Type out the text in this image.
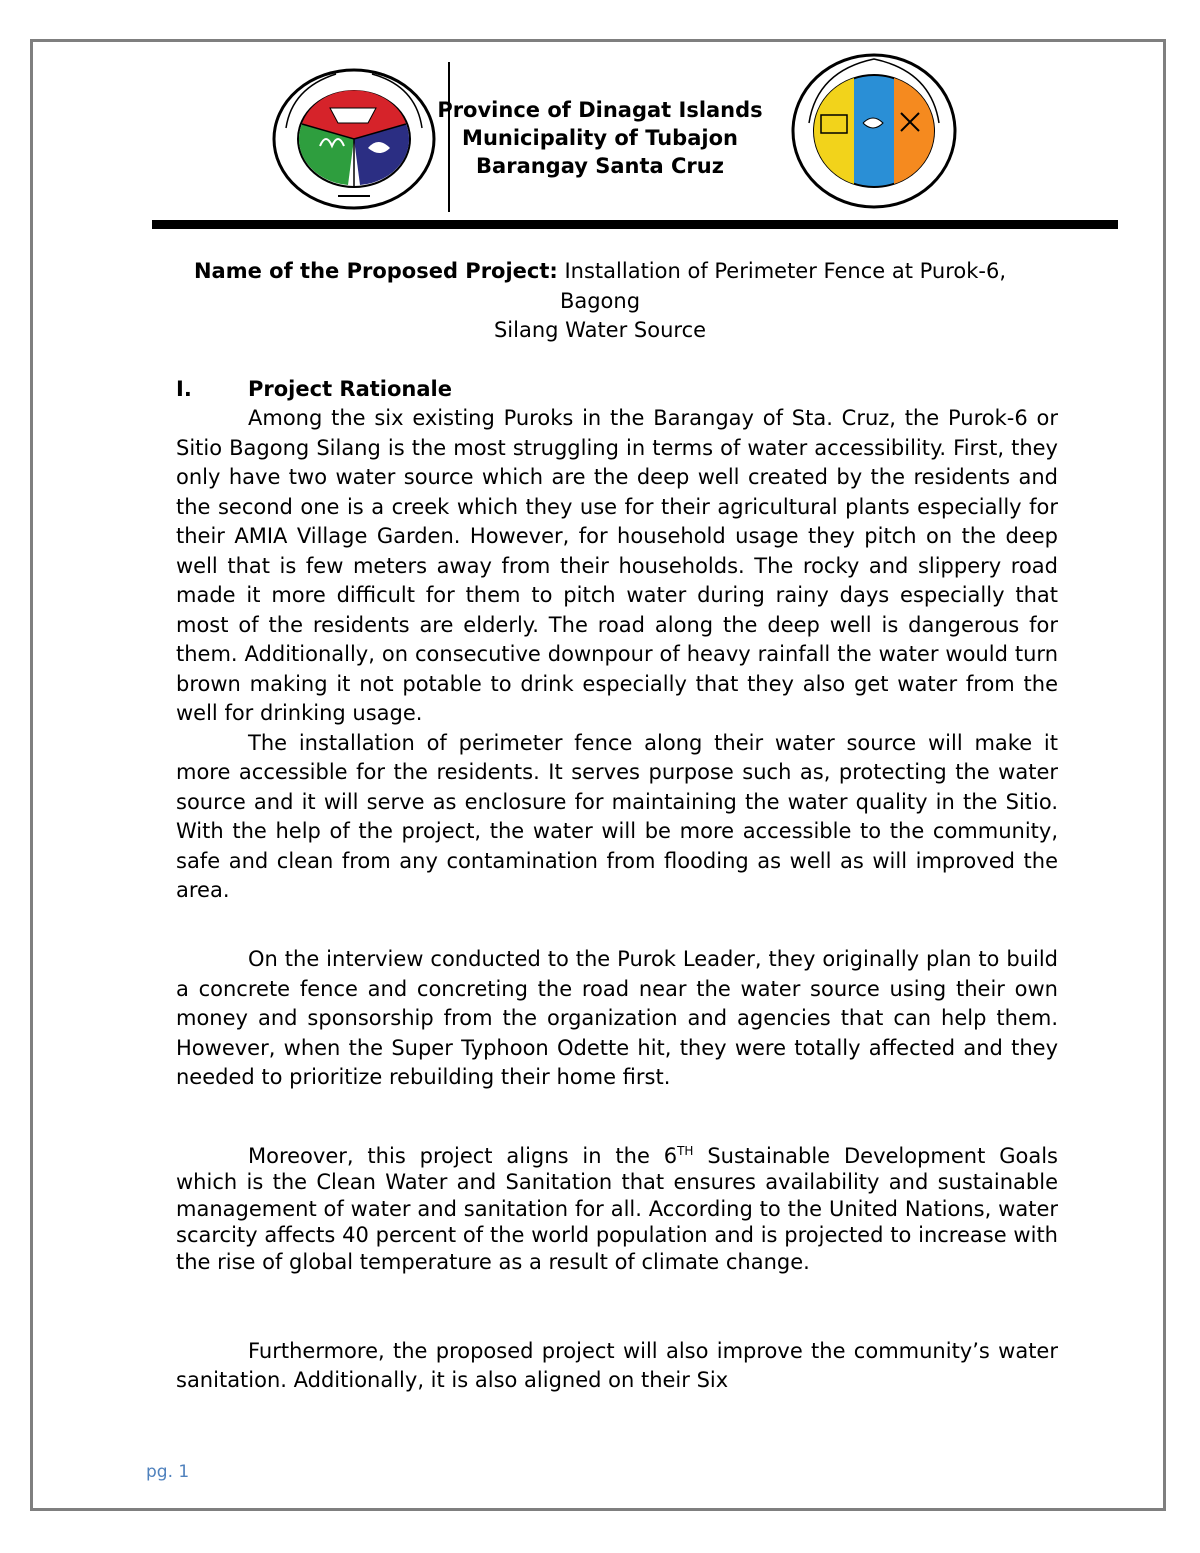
Province of Dinagat Islands
Municipality of Tubajon
Barangay Santa Cruz
Name of the Proposed Project: Installation of Perimeter Fence at Purok-6,
Bagong
Silang Water Source
I.	Project Rationale

Among the six existing Puroks in the Barangay of Sta. Cruz, the Purok-6 or Sitio Bagong Silang is the most struggling in terms of water accessibility. First, they only have two water source which are the deep well created by the residents and the second one is a creek which they use for their agricultural plants especially for their AMIA Village Garden. However, for household usage they pitch on the deep well that is few meters away from their households. The rocky and slippery road made it more difficult for them to pitch water during rainy days especially that most of the residents are elderly. The road along the deep well is dangerous for them. Additionally, on consecutive downpour of heavy rainfall the water would turn brown making it not potable to drink especially that they also get water from the well for drinking usage.

The installation of perimeter fence along their water source will make it more accessible for the residents. It serves purpose such as, protecting the water source and it will serve as enclosure for maintaining the water quality in the Sitio. With the help of the project, the water will be more accessible to the community, safe and clean from any contamination from flooding as well as will improved the area.

On the interview conducted to the Purok Leader, they originally plan to build a concrete fence and concreting the road near the water source using their own money and sponsorship from the organization and agencies that can help them. However, when the Super Typhoon Odette hit, they were totally affected and they needed to prioritize rebuilding their home first.

Moreover, this project aligns in the 6TH Sustainable Development Goals which is the Clean Water and Sanitation that ensures availability and sustainable management of water and sanitation for all. According to the United Nations, water scarcity affects 40 percent of the world population and is projected to increase with the rise of global temperature as a result of climate change.

Furthermore, the proposed project will also improve the community’s water sanitation. Additionally, it is also aligned on their Six

pg. 1
